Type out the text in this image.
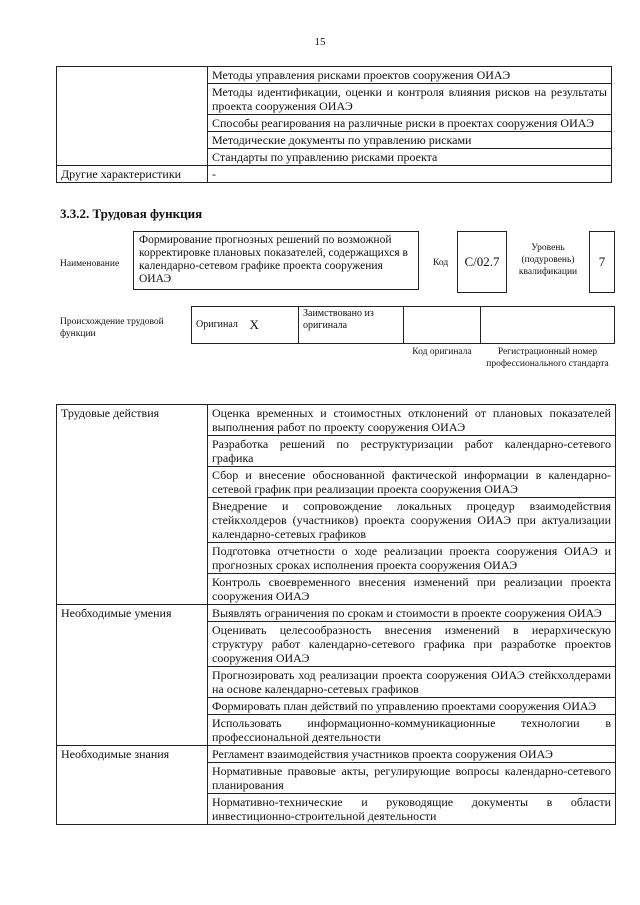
15
	Методы управления рисками проектов сооружения ОИАЭ
	Методы идентификации, оценки и контроля влияния рисков на результаты проекта сооружения ОИАЭ
	Способы реагирования на различные риски в проектах сооружения ОИАЭ
	Методические документы по управлению рисками
	Стандарты по управлению рисками проекта
Другие характеристики	-
3.3.2. Трудовая функция
Наименование
Формирование прогнозных решений по возможной корректировке плановых показателей, содержащихся в календарно-сетевом графике проекта сооружения ОИАЭ
Код	C/02.7
Уровень (подуровень) квалификации
7
Происхождение трудовой функции
Оригинал	X	Заимствовано из оригинала		
Код оригинала	Регистрационный номер профессионального стандарта
Трудовые действия	Оценка временных и стоимостных отклонений от плановых показателей выполнения работ по проекту сооружения ОИАЭ
	Разработка решений по реструктуризации работ календарно-сетевого графика
	Сбор и внесение обоснованной фактической информации в календарно-сетевой график при реализации проекта сооружения ОИАЭ
	Внедрение и сопровождение локальных процедур взаимодействия стейкхолдеров (участников) проекта сооружения ОИАЭ при актуализации календарно-сетевых графиков
	Подготовка отчетности о ходе реализации проекта сооружения ОИАЭ и прогнозных сроках исполнения проекта сооружения ОИАЭ
	Контроль своевременного внесения изменений при реализации проекта сооружения ОИАЭ
Необходимые умения	Выявлять ограничения по срокам и стоимости в проекте сооружения ОИАЭ
	Оценивать целесообразность внесения изменений в иерархическую структуру работ календарно-сетевого графика при разработке проектов сооружения ОИАЭ
	Прогнозировать ход реализации проекта сооружения ОИАЭ стейкхолдерами на основе календарно-сетевых графиков
	Формировать план действий по управлению проектами сооружения ОИАЭ
	Использовать информационно-коммуникационные технологии в профессиональной деятельности
Необходимые знания	Регламент взаимодействия участников проекта сооружения ОИАЭ
	Нормативные правовые акты, регулирующие вопросы календарно-сетевого планирования
	Нормативно-технические и руководящие документы в области инвестиционно-строительной деятельности
